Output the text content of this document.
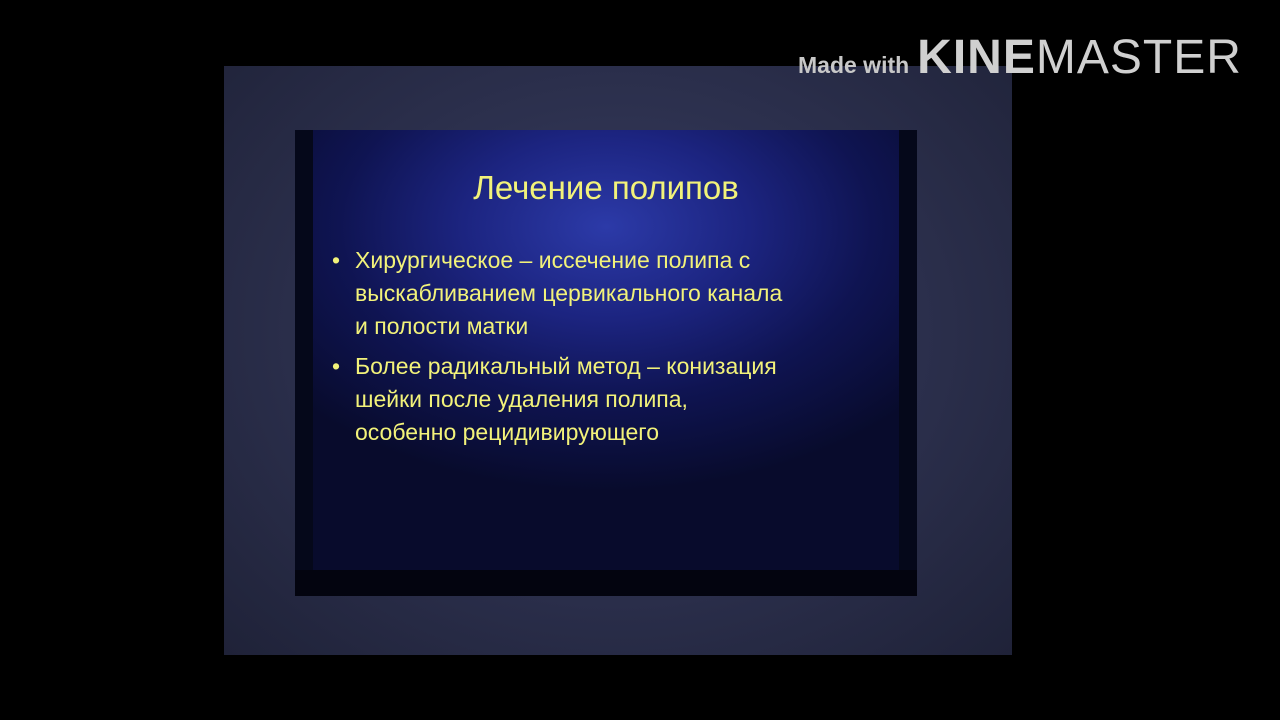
Лечение полипов
• Хирургическое – иссечение полипа с
выскабливанием цервикального канала
и полости матки
• Более радикальный метод – конизация
шейки после удаления полипа,
особенно рецидивирующего
Made with KINEMASTER
